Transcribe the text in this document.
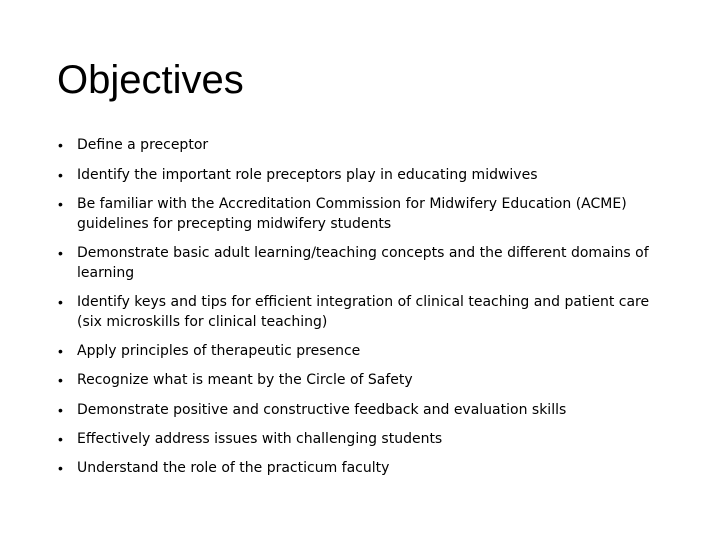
Objectives
•	Define a preceptor
•	Identify the important role preceptors play in educating midwives
•	Be familiar with the Accreditation Commission for Midwifery Education (ACME) guidelines for precepting midwifery students
•	Demonstrate basic adult learning/teaching concepts and the different domains of learning
•	Identify keys and tips for efficient integration of clinical teaching and patient care (six microskills for clinical teaching)
•	Apply principles of therapeutic presence
•	Recognize what is meant by the Circle of Safety
•	Demonstrate positive and constructive feedback and evaluation skills
•	Effectively address issues with challenging students
•	Understand the role of the practicum faculty
